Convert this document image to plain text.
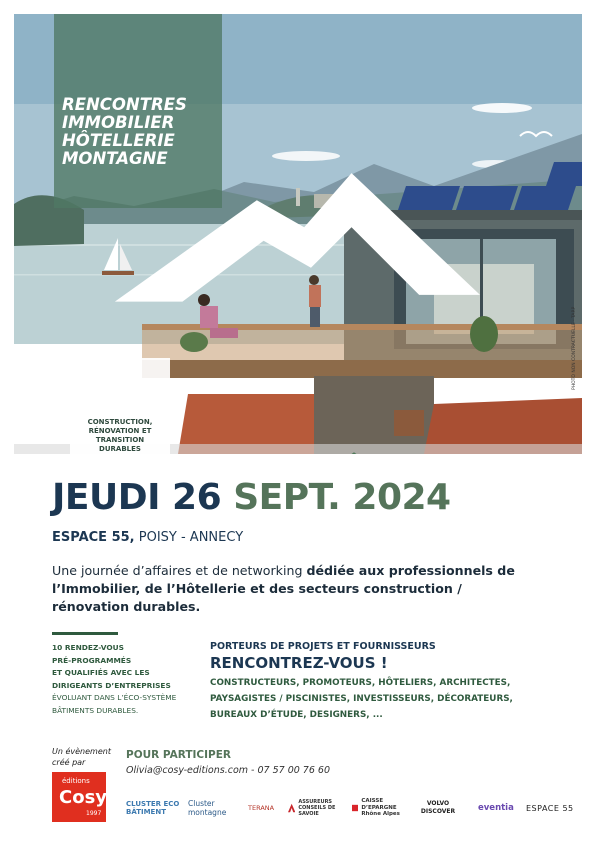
RENCONTRES
IMMOBILIER
HÔTELLERIE
MONTAGNE
CONSTRUCTION,
RÉNOVATION ET
TRANSITION
DURABLES
PHOTO NON CONTRACTUELLE · TARP
JEUDI 26 SEPT. 2024
ESPACE 55, POISY - ANNECY
Une journée d’affaires et de networking dédiée aux professionnels de l’Immobilier, de l’Hôtellerie et des secteurs construction / rénovation durables.
10 RENDEZ-VOUS
PRÉ-PROGRAMMÉS
ET QUALIFIÉS AVEC LES
DIRIGEANTS D’ENTREPRISES
ÉVOLUANT DANS L’ÉCO-SYSTÈME
BÂTIMENTS DURABLES.
PORTEURS DE PROJETS ET FOURNISSEURS
RENCONTREZ-VOUS !
CONSTRUCTEURS, PROMOTEURS, HÔTELIERS, ARCHITECTES,
PAYSAGISTES / PISCINISTES, INVESTISSEURS, DÉCORATEURS,
BUREAUX D’ÉTUDE, DESIGNERS, ...
Un évènement
créé par
éditions
Cosy
1997
POUR PARTICIPER
Olivia@cosy-editions.com - 07 57 00 76 60
CLUSTER ECO BÂTIMENT
Cluster montagne	TERANA
ASSUREURS CONSEILS DE SAVOIE
CAISSE D’EPARGNE Rhône Alpes
VOLVO DISCOVER	eventia ESPACE 55
